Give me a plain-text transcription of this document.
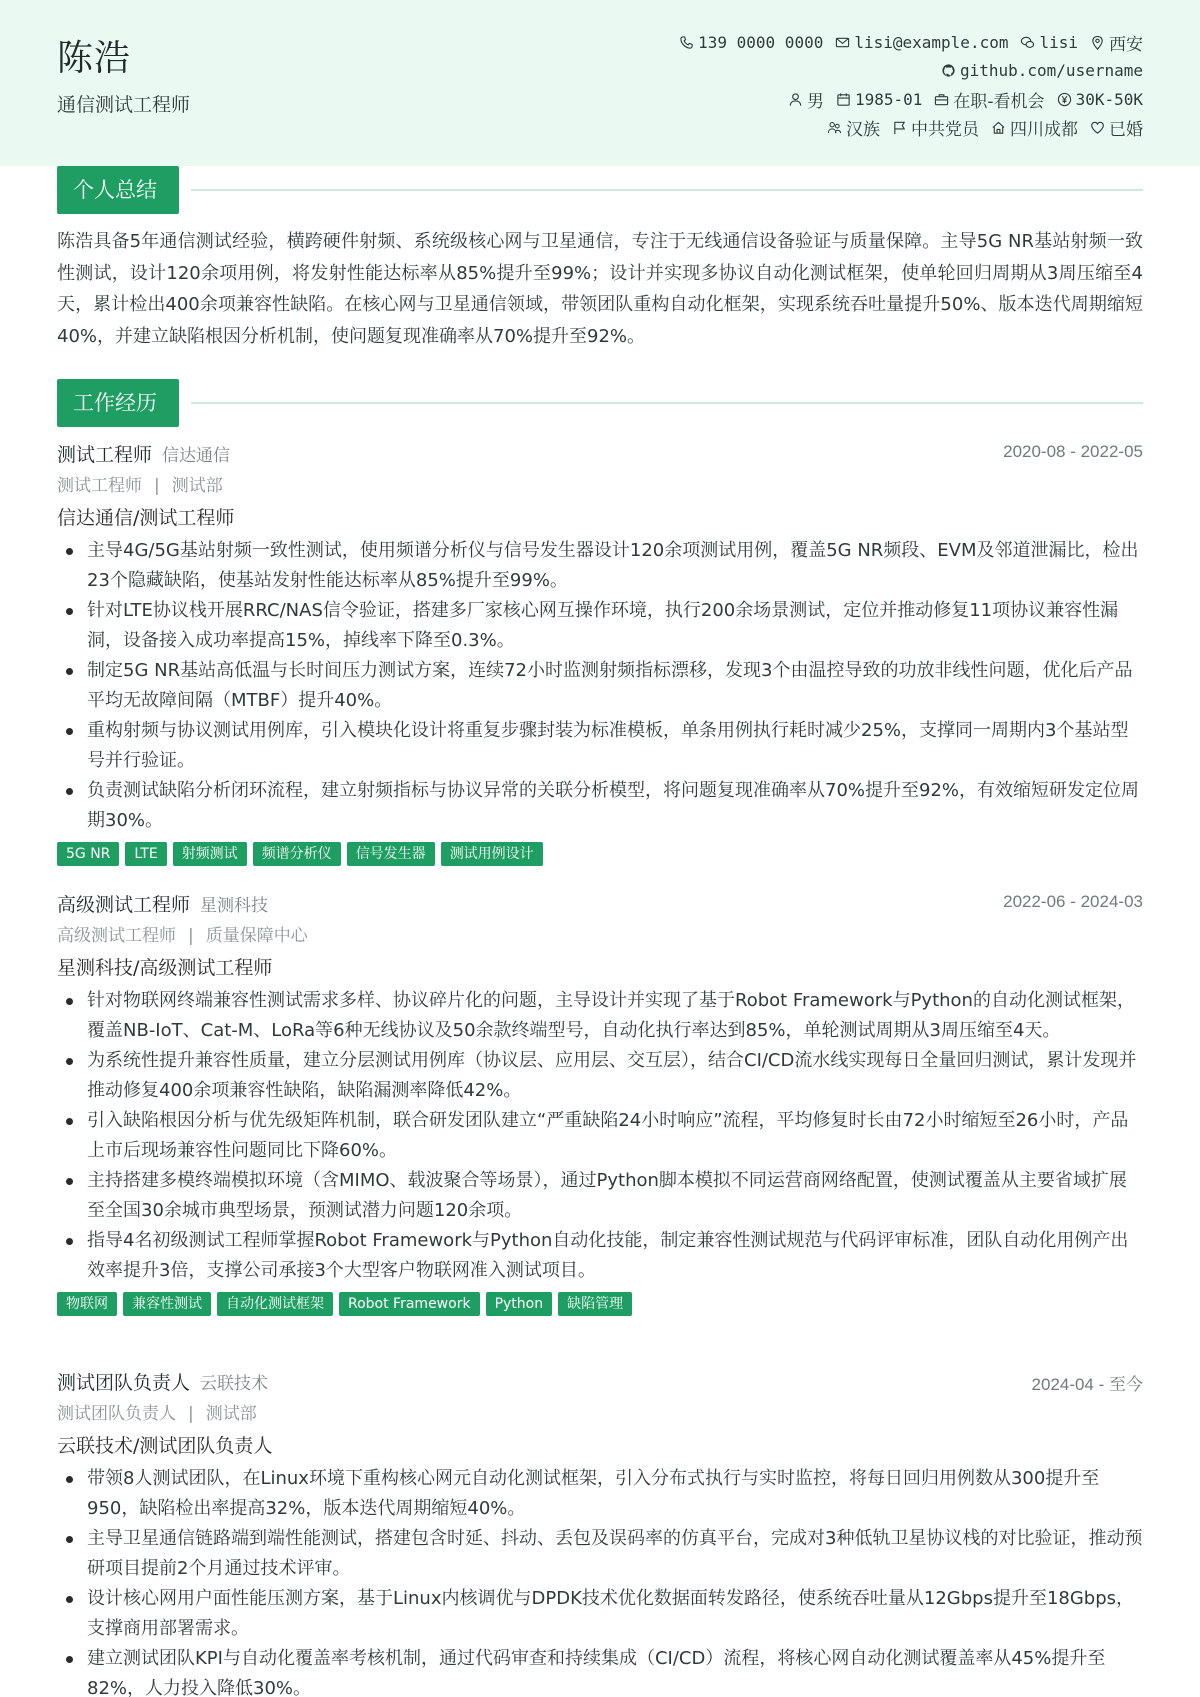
陈浩
通信测试工程师
139 0000 0000 lisi@example.com lisi 西安
github.com/username
男 1985-01 在职-看机会 30K-50K
汉族 中共党员 四川成都 已婚
个人总结
陈浩具备5年通信测试经验，横跨硬件射频、系统级核心网与卫星通信，专注于无线通信设备验证与质量保障。主导5G NR基站射频一致性测试，设计120余项用例，将发射性能达标率从85%提升至99%；设计并实现多协议自动化测试框架，使单轮回归周期从3周压缩至4天，累计检出400余项兼容性缺陷。在核心网与卫星通信领域，带领团队重构自动化框架，实现系统吞吐量提升50%、版本迭代周期缩短40%，并建立缺陷根因分析机制，使问题复现准确率从70%提升至92%。
工作经历
测试工程师 信达通信	2020-08 - 2022-05
测试工程师 | 测试部
信达通信/测试工程师
主导4G/5G基站射频一致性测试，使用频谱分析仪与信号发生器设计120余项测试用例，覆盖5G NR频段、EVM及邻道泄漏比，检出23个隐藏缺陷，使基站发射性能达标率从85%提升至99%。
针对LTE协议栈开展RRC/NAS信令验证，搭建多厂家核心网互操作环境，执行200余场景测试，定位并推动修复11项协议兼容性漏洞，设备接入成功率提高15%，掉线率下降至0.3%。
制定5G NR基站高低温与长时间压力测试方案，连续72小时监测射频指标漂移，发现3个由温控导致的功放非线性问题，优化后产品平均无故障间隔（MTBF）提升40%。
重构射频与协议测试用例库，引入模块化设计将重复步骤封装为标准模板，单条用例执行耗时减少25%，支撑同一周期内3个基站型号并行验证。
负责测试缺陷分析闭环流程，建立射频指标与协议异常的关联分析模型，将问题复现准确率从70%提升至92%，有效缩短研发定位周期30%。
5G NR	LTE	射频测试	频谱分析仪	信号发生器	测试用例设计
高级测试工程师 星测科技	2022-06 - 2024-03
高级测试工程师 | 质量保障中心
星测科技/高级测试工程师
针对物联网终端兼容性测试需求多样、协议碎片化的问题，主导设计并实现了基于Robot Framework与Python的自动化测试框架，覆盖NB-IoT、Cat-M、LoRa等6种无线协议及50余款终端型号，自动化执行率达到85%，单轮测试周期从3周压缩至4天。
为系统性提升兼容性质量，建立分层测试用例库（协议层、应用层、交互层），结合CI/CD流水线实现每日全量回归测试，累计发现并推动修复400余项兼容性缺陷，缺陷漏测率降低42%。
引入缺陷根因分析与优先级矩阵机制，联合研发团队建立“严重缺陷24小时响应”流程，平均修复时长由72小时缩短至26小时，产品上市后现场兼容性问题同比下降60%。
主持搭建多模终端模拟环境（含MIMO、载波聚合等场景），通过Python脚本模拟不同运营商网络配置，使测试覆盖从主要省域扩展至全国30余城市典型场景，预测试潜力问题120余项。
指导4名初级测试工程师掌握Robot Framework与Python自动化技能，制定兼容性测试规范与代码评审标准，团队自动化用例产出效率提升3倍，支撑公司承接3个大型客户物联网准入测试项目。
物联网	兼容性测试	自动化测试框架	Robot Framework	Python	缺陷管理
测试团队负责人 云联技术	2024-04 - 至今
测试团队负责人 | 测试部
云联技术/测试团队负责人
带领8人测试团队，在Linux环境下重构核心网元自动化测试框架，引入分布式执行与实时监控，将每日回归用例数从300提升至950，缺陷检出率提高32%，版本迭代周期缩短40%。
主导卫星通信链路端到端性能测试，搭建包含时延、抖动、丢包及误码率的仿真平台，完成对3种低轨卫星协议栈的对比验证，推动预研项目提前2个月通过技术评审。
设计核心网用户面性能压测方案，基于Linux内核调优与DPDK技术优化数据面转发路径，使系统吞吐量从12Gbps提升至18Gbps，支撑商用部署需求。
建立测试团队KPI与自动化覆盖率考核机制，通过代码审查和持续集成（CI/CD）流程，将核心网自动化测试覆盖率从45%提升至82%，人力投入降低30%。
